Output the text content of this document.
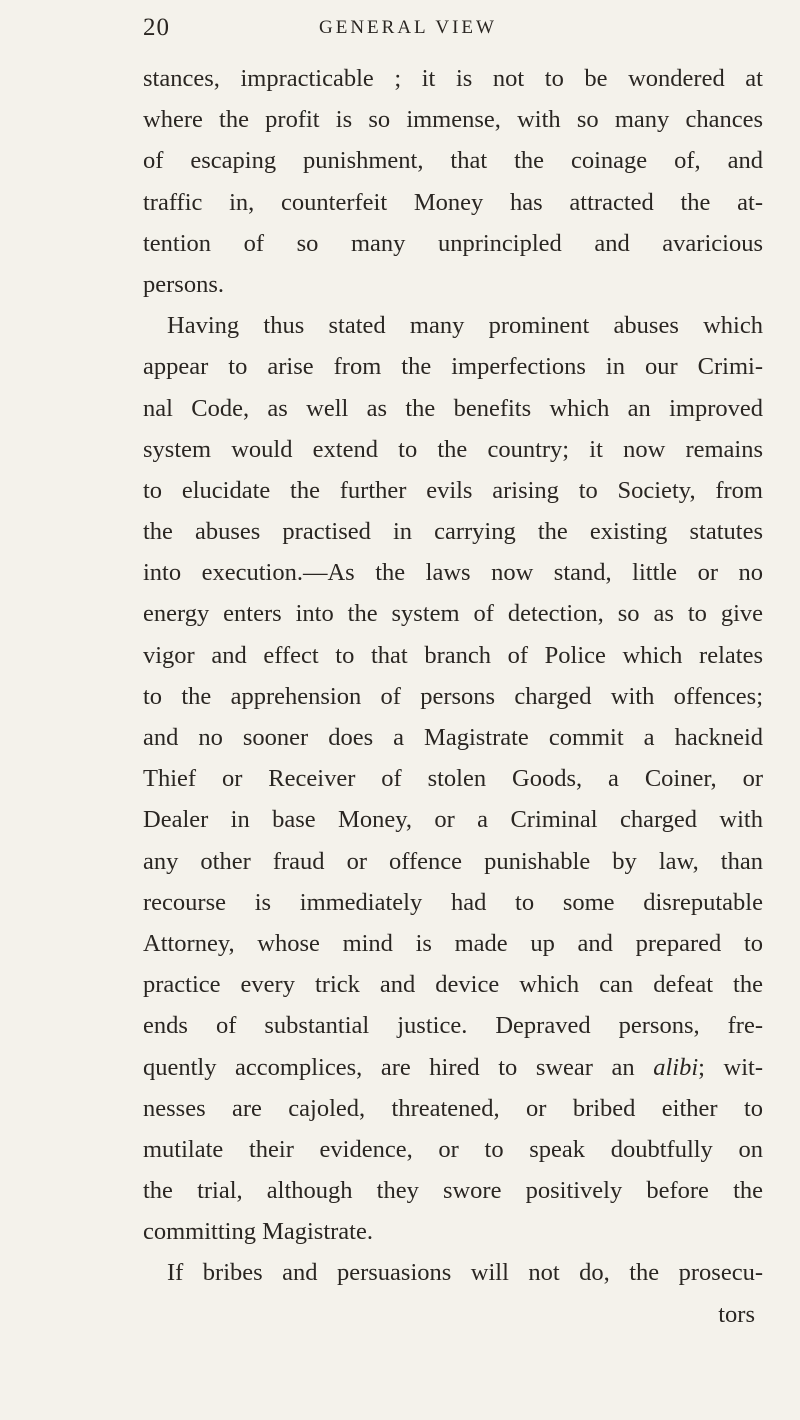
20	GENERAL VIEW
stances, impracticable ; it is not to be wondered at
where the profit is so immense, with so many chances
of escaping punishment, that the coinage of, and
traffic in, counterfeit Money has attracted the at-
tention of so many unprincipled and avaricious
persons.
Having thus stated many prominent abuses which
appear to arise from the imperfections in our Crimi-
nal Code, as well as the benefits which an improved
system would extend to the country; it now remains
to elucidate the further evils arising to Society, from
the abuses practised in carrying the existing statutes
into execution.—As the laws now stand, little or no
energy enters into the system of detection, so as to give
vigor and effect to that branch of Police which relates
to the apprehension of persons charged with offences;
and no sooner does a Magistrate commit a hackneid
Thief or Receiver of stolen Goods, a Coiner, or
Dealer in base Money, or a Criminal charged with
any other fraud or offence punishable by law, than
recourse is immediately had to some disreputable
Attorney, whose mind is made up and prepared to
practice every trick and device which can defeat the
ends of substantial justice. Depraved persons, fre-
quently accomplices, are hired to swear an alibi; wit-
nesses are cajoled, threatened, or bribed either to
mutilate their evidence, or to speak doubtfully on
the trial, although they swore positively before the
committing Magistrate.
If bribes and persuasions will not do, the prosecu-
tors
